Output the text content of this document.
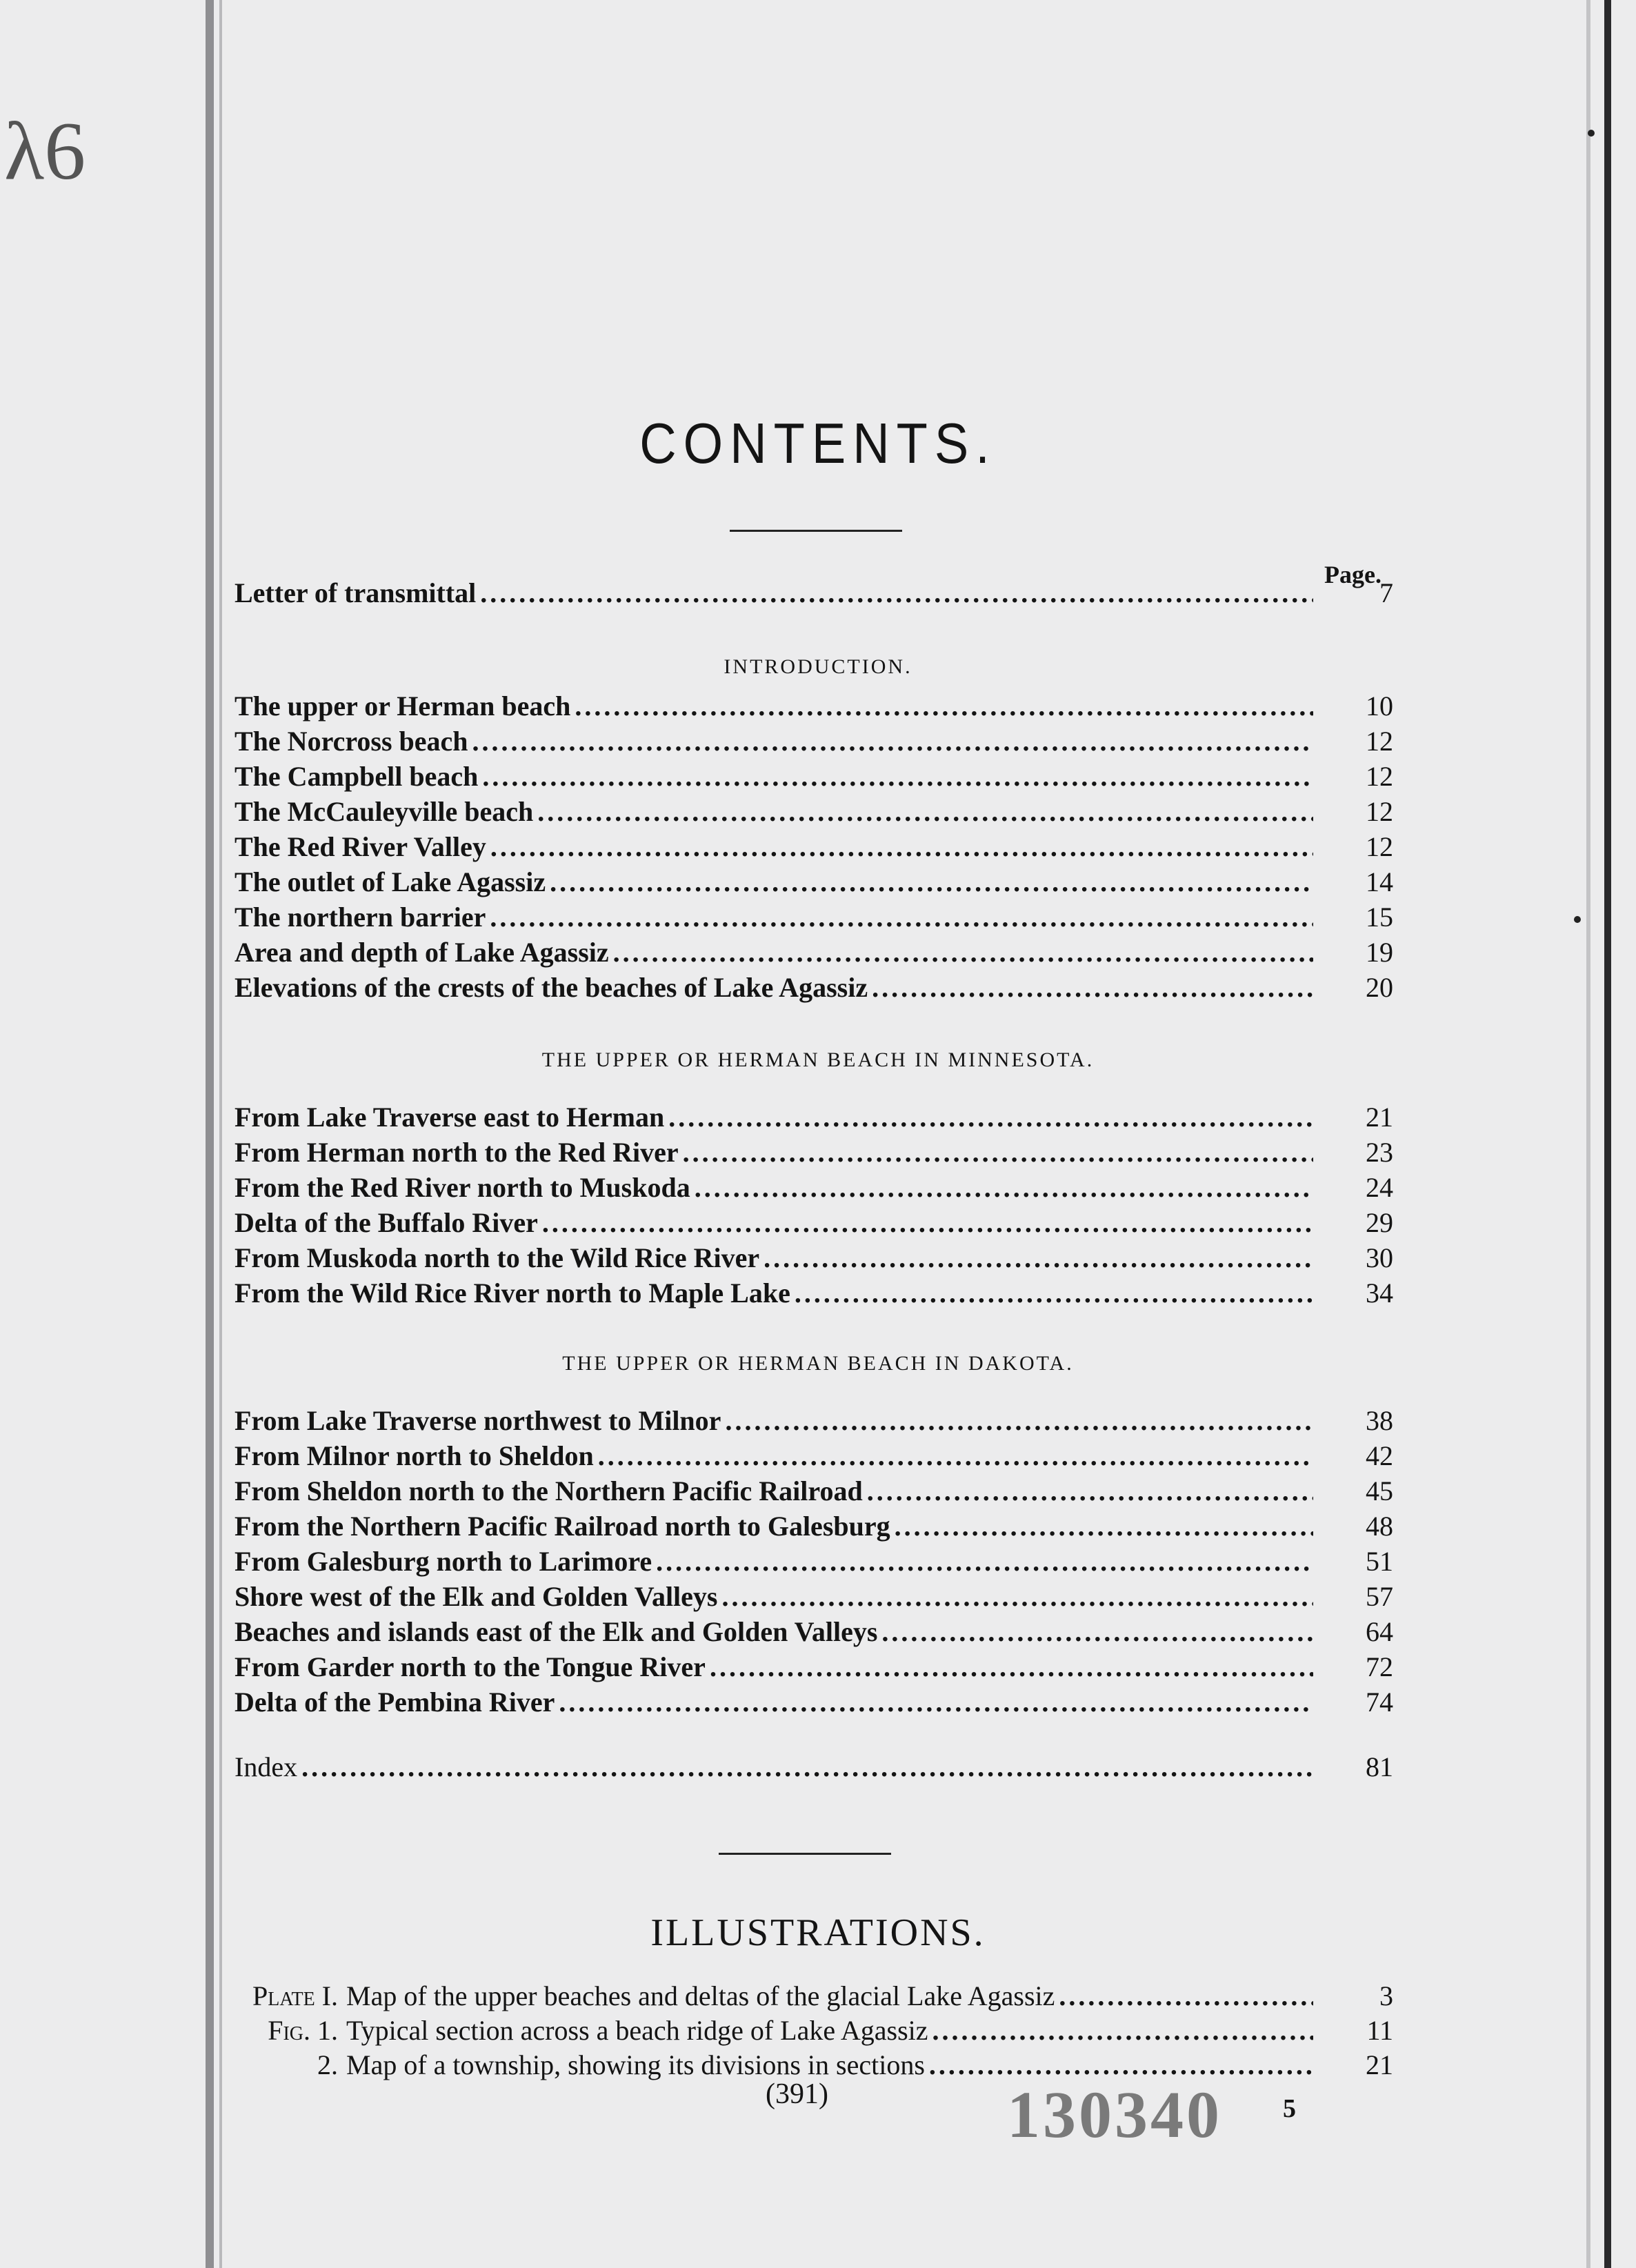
λ6
CONTENTS.
Page.
Letter of transmittal .....	7
INTRODUCTION.
The upper or Herman beach .....	10
The Norcross beach .....	12
The Campbell beach .....	12
The McCauleyville beach .....	12
The Red River Valley .....	12
The outlet of Lake Agassiz .....	14
The northern barrier .....	15
Area and depth of Lake Agassiz .....	19
Elevations of the crests of the beaches of Lake Agassiz .....	20
THE UPPER OR HERMAN BEACH IN MINNESOTA.
From Lake Traverse east to Herman .....	21
From Herman north to the Red River .....	23
From the Red River north to Muskoda .....	24
Delta of the Buffalo River .....	29
From Muskoda north to the Wild Rice River .....	30
From the Wild Rice River north to Maple Lake .....	34
THE UPPER OR HERMAN BEACH IN DAKOTA.
From Lake Traverse northwest to Milnor .....	38
From Milnor north to Sheldon .....	42
From Sheldon north to the Northern Pacific Railroad .....	45
From the Northern Pacific Railroad north to Galesburg .....	48
From Galesburg north to Larimore .....	51
Shore west of the Elk and Golden Valleys .....	57
Beaches and islands east of the Elk and Golden Valleys .....	64
From Garder north to the Tongue River .....	72
Delta of the Pembina River .....	74
Index .....	81
ILLUSTRATIONS.
Plate I. Map of the upper beaches and deltas of the glacial Lake Agassiz .....	3
Fig. 1. Typical section across a beach ridge of Lake Agassiz .....	11
2. Map of a township, showing its divisions in sections .....	21
(391)	130340 5
